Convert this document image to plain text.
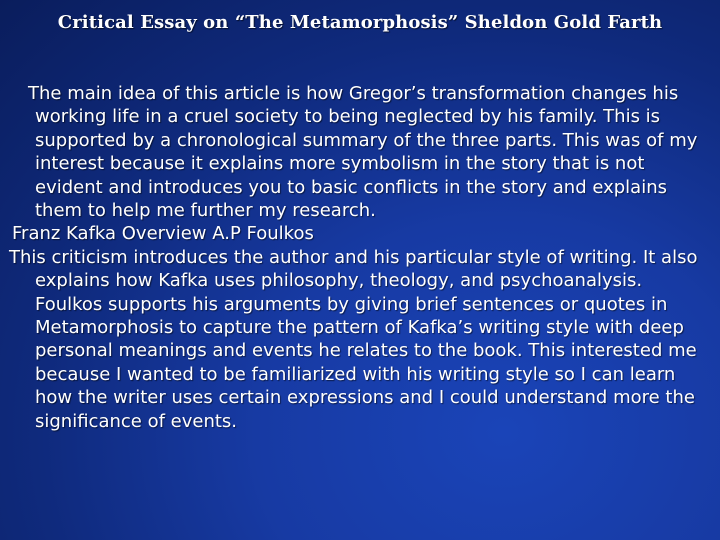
Critical Essay on “The Metamorphosis” Sheldon Gold Farth

The main idea of this article is how Gregor’s transformation changes his working life in a cruel society to being neglected by his family. This is supported by a chronological summary of the three parts. This was of my interest because it explains more symbolism in the story that is not evident and introduces you to basic conflicts in the story and explains them to help me further my research.

Franz Kafka Overview A.P Foulkos

This criticism introduces the author and his particular style of writing. It also explains how Kafka uses philosophy, theology, and psychoanalysis. Foulkos supports his arguments by giving brief sentences or quotes in Metamorphosis to capture the pattern of Kafka’s writing style with deep personal meanings and events he relates to the book. This interested me because I wanted to be familiarized with his writing style so I can learn how the writer uses certain expressions and I could understand more the significance of events.
